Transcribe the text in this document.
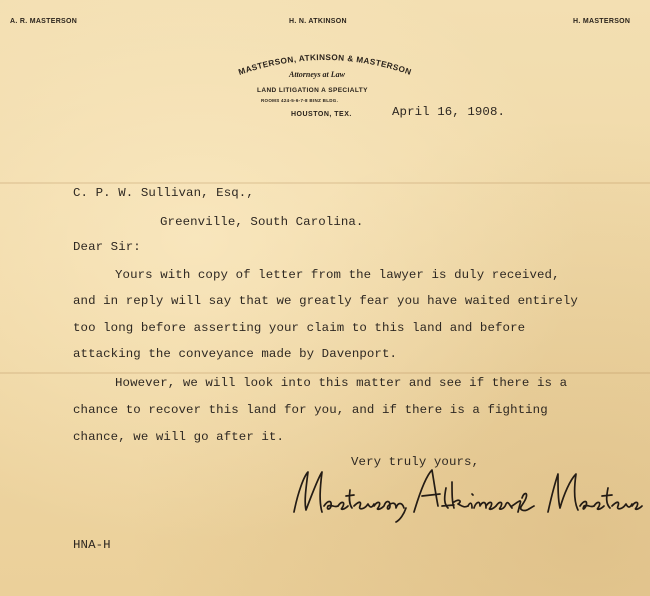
A. R. MASTERSON	H. N. ATKINSON	H. MASTERSON
MASTERSON, ATKINSON & MASTERSON
Attorneys at Law
LAND LITIGATION A SPECIALTY
ROOMS 424-5-6-7-8 BINZ BLDG.
HOUSTON, TEX.	April 16, 1908.
C. P. W. Sullivan, Esq.,
Greenville, South Carolina.
Dear Sir:
Yours with copy of letter from the lawyer is duly received,
and in reply will say that we greatly fear you have waited entirely
too long before asserting your claim to this land and before
attacking the conveyance made by Davenport.
However, we will look into this matter and see if there is a
chance to recover this land for you, and if there is a fighting
chance, we will go after it.
Very truly yours,
HNA-H
